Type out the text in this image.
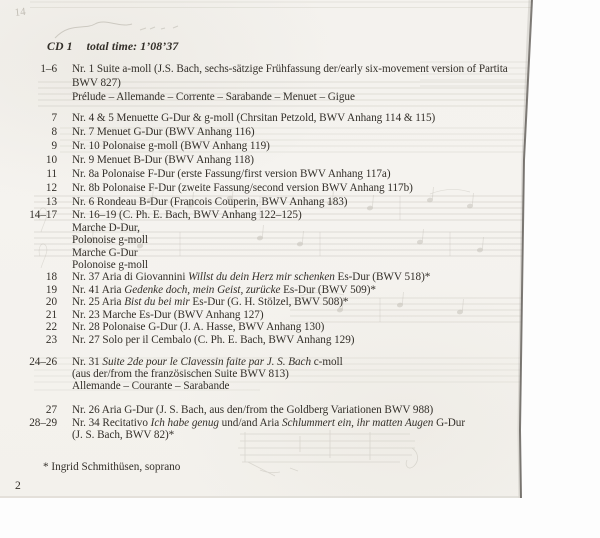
14
CD 1 total time: 1’08’37
1–6 Nr. 1 Suite a-moll (J.S. Bach, sechs-sätzige Frühfassung der/early six-movement version of Partita
BWV 827)
Prélude – Allemande – Corrente – Sarabande – Menuet – Gigue
7 Nr. 4 & 5 Menuette G-Dur & g-moll (Chrsitan Petzold, BWV Anhang 114 & 115)
8 Nr. 7 Menuet G-Dur (BWV Anhang 116)
9 Nr. 10 Polonaise g-moll (BWV Anhang 119)
10 Nr. 9 Menuet B-Dur (BWV Anhang 118)
11 Nr. 8a Polonaise F-Dur (erste Fassung/first version BWV Anhang 117a)
12 Nr. 8b Polonaise F-Dur (zweite Fassung/second version BWV Anhang 117b)
13 Nr. 6 Rondeau B-Dur (Francois Couperin, BWV Anhang 183)
14–17 Nr. 16–19 (C. Ph. E. Bach, BWV Anhang 122–125)
Marche D-Dur,
Polonoise g-moll
Marche G-Dur
Polonoise g-moll
18 Nr. 37 Aria di Giovannini Willst du dein Herz mir schenken Es-Dur (BWV 518)*
19 Nr. 41 Aria Gedenke doch, mein Geist, zurücke Es-Dur (BWV 509)*
20 Nr. 25 Aria Bist du bei mir Es-Dur (G. H. Stölzel, BWV 508)*
21 Nr. 23 Marche Es-Dur (BWV Anhang 127)
22 Nr. 28 Polonaise G-Dur (J. A. Hasse, BWV Anhang 130)
23 Nr. 27 Solo per il Cembalo (C. Ph. E. Bach, BWV Anhang 129)
24–26 Nr. 31 Suite 2de pour le Clavessin faite par J. S. Bach c-moll
(aus der/from the französischen Suite BWV 813)
Allemande – Courante – Sarabande
27 Nr. 26 Aria G-Dur (J. S. Bach, aus den/from the Goldberg Variationen BWV 988)
28–29 Nr. 34 Recitativo Ich habe genug und/and Aria Schlummert ein, ihr matten Augen G-Dur
(J. S. Bach, BWV 82)*
* Ingrid Schmithüsen, soprano
2
